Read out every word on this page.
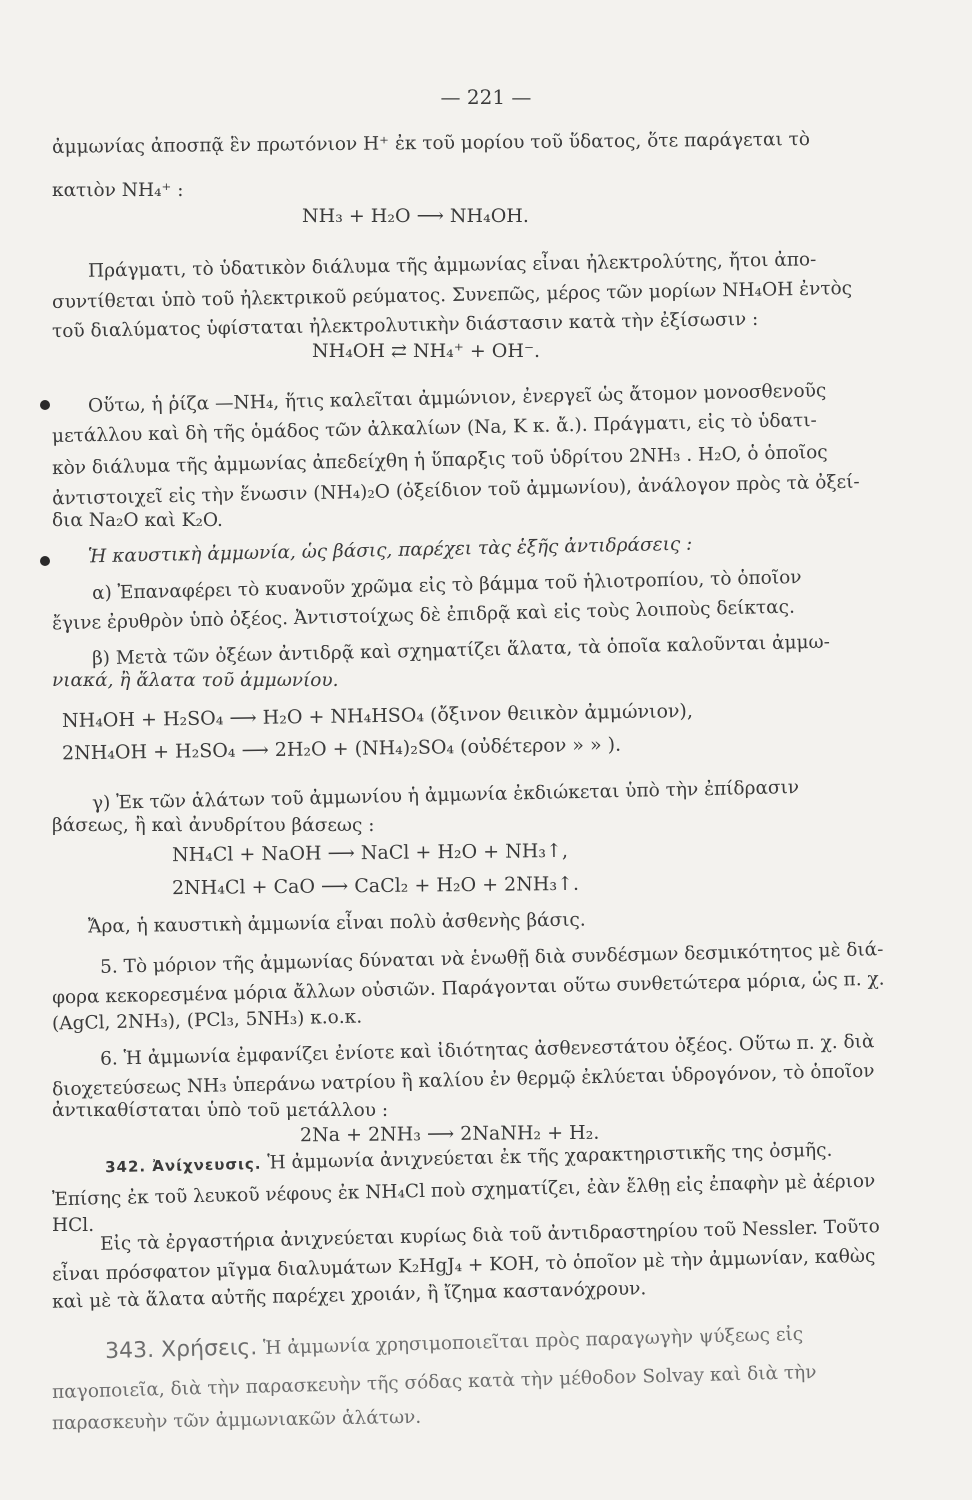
— 221 —
ἀμμωνίας ἀποσπᾷ ἓν πρωτόνιον H⁺ ἐκ τοῦ μορίου τοῦ ὕδατος, ὅτε παράγεται τὸ
κατιὸν NH₄⁺ :
NH₃ + H₂O ⟶ NH₄OH.
Πράγματι, τὸ ὑδατικὸν διάλυμα τῆς ἀμμωνίας εἶναι ἠλεκτρολύτης, ἤτοι ἀπο-
συντίθεται ὑπὸ τοῦ ἠλεκτρικοῦ ρεύματος. Συνεπῶς, μέρος τῶν μορίων NH₄OH ἐντὸς
τοῦ διαλύματος ὑφίσταται ἠλεκτρολυτικὴν διάστασιν κατὰ τὴν ἐξίσωσιν :
NH₄OH ⇄ NH₄⁺ + OH⁻.
Οὕτω, ἡ ῥίζα —NH₄, ἥτις καλεῖται ἀμμώνιον, ἐνεργεῖ ὡς ἄτομον μονοσθενοῦς
μετάλλου καὶ δὴ τῆς ὁμάδος τῶν ἀλκαλίων (Na, K κ. ἄ.). Πράγματι, εἰς τὸ ὑδατι-
κὸν διάλυμα τῆς ἀμμωνίας ἀπεδείχθη ἡ ὕπαρξις τοῦ ὑδρίτου 2NH₃ . H₂O, ὁ ὁποῖος
ἀντιστοιχεῖ εἰς τὴν ἕνωσιν (NH₄)₂O (ὀξείδιον τοῦ ἀμμωνίου), ἀνάλογον πρὸς τὰ ὀξεί-
δια Na₂O καὶ K₂O.
Ἡ καυστικὴ ἀμμωνία, ὡς βάσις, παρέχει τὰς ἑξῆς ἀντιδράσεις :
α) Ἐπαναφέρει τὸ κυανοῦν χρῶμα εἰς τὸ βάμμα τοῦ ἡλιοτροπίου, τὸ ὁποῖον
ἔγινε ἐρυθρὸν ὑπὸ ὀξέος. Ἀντιστοίχως δὲ ἐπιδρᾷ καὶ εἰς τοὺς λοιποὺς δείκτας.
β) Μετὰ τῶν ὀξέων ἀντιδρᾷ καὶ σχηματίζει ἅλατα, τὰ ὁποῖα καλοῦνται ἀμμω-
νιακά, ἢ ἅλατα τοῦ ἀμμωνίου.
NH₄OH + H₂SO₄ ⟶ H₂O + NH₄HSO₄ (ὄξινον θειικὸν ἀμμώνιον),
2NH₄OH + H₂SO₄ ⟶ 2H₂O + (NH₄)₂SO₄ (οὐδέτερον » » ).
γ) Ἐκ τῶν ἁλάτων τοῦ ἀμμωνίου ἡ ἀμμωνία ἐκδιώκεται ὑπὸ τὴν ἐπίδρασιν
βάσεως, ἢ καὶ ἀνυδρίτου βάσεως :
NH₄Cl + NaOH ⟶ NaCl + H₂O + NH₃↑,
2NH₄Cl + CaO ⟶ CaCl₂ + H₂O + 2NH₃↑.
Ἄρα, ἡ καυστικὴ ἀμμωνία εἶναι πολὺ ἀσθενὴς βάσις.
5. Τὸ μόριον τῆς ἀμμωνίας δύναται νὰ ἑνωθῇ διὰ συνδέσμων δεσμικότητος μὲ διά-
φορα κεκορεσμένα μόρια ἄλλων οὐσιῶν. Παράγονται οὕτω συνθετώτερα μόρια, ὡς π. χ.
(AgCl, 2NH₃), (PCl₃, 5NH₃) κ.ο.κ.
6. Ἡ ἀμμωνία ἐμφανίζει ἐνίοτε καὶ ἰδιότητας ἀσθενεστάτου ὀξέος. Οὕτω π. χ. διὰ
διοχετεύσεως NH₃ ὑπεράνω νατρίου ἢ καλίου ἐν θερμῷ ἐκλύεται ὑδρογόνον, τὸ ὁποῖον
ἀντικαθίσταται ὑπὸ τοῦ μετάλλου :
2Na + 2NH₃ ⟶ 2NaNH₂ + H₂.
342. Ἀνίχνευσις. Ἡ ἀμμωνία ἀνιχνεύεται ἐκ τῆς χαρακτηριστικῆς της ὀσμῆς.
Ἐπίσης ἐκ τοῦ λευκοῦ νέφους ἐκ NH₄Cl ποὺ σχηματίζει, ἐὰν ἔλθῃ εἰς ἐπαφὴν μὲ ἀέριον
HCl. Εἰς τὰ ἐργαστήρια ἀνιχνεύεται κυρίως διὰ τοῦ ἀντιδραστηρίου τοῦ Nessler. Τοῦτο
εἶναι πρόσφατον μῖγμα διαλυμάτων K₂HgJ₄ + KOH, τὸ ὁποῖον μὲ τὴν ἀμμωνίαν, καθὼς
καὶ μὲ τὰ ἅλατα αὐτῆς παρέχει χροιάν, ἢ ἴζημα καστανόχρουν.
343. Χρήσεις. Ἡ ἀμμωνία χρησιμοποιεῖται πρὸς παραγωγὴν ψύξεως εἰς
παγοποιεῖα, διὰ τὴν παρασκευὴν τῆς σόδας κατὰ τὴν μέθοδον Solvay καὶ διὰ τὴν
παρασκευὴν τῶν ἀμμωνιακῶν ἁλάτων.
